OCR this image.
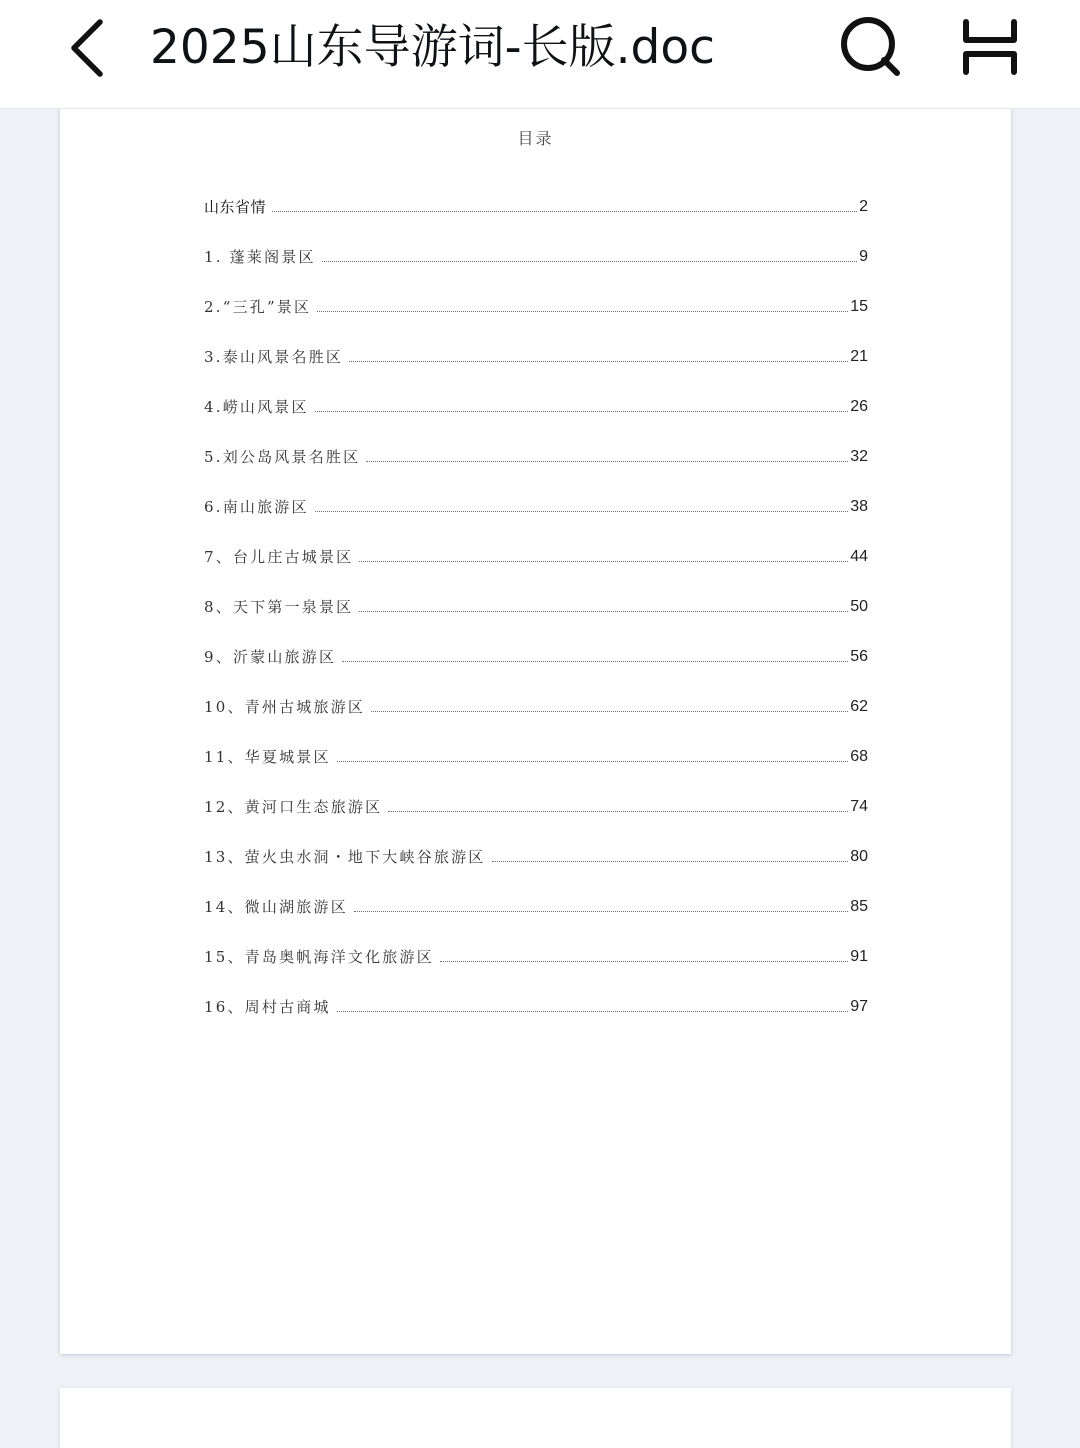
2025山东导游词-长版.doc
目录
山东省情	2
1. 蓬莱阁景区	9
2.“三孔”景区	15
3.泰山风景名胜区	21
4.崂山风景区	26
5.刘公岛风景名胜区	32
6.南山旅游区	38
7、台儿庄古城景区	44
8、天下第一泉景区	50
9、沂蒙山旅游区	56
10、青州古城旅游区	62
11、华夏城景区	68
12、黄河口生态旅游区	74
13、萤火虫水洞・地下大峡谷旅游区	80
14、微山湖旅游区	85
15、青岛奥帆海洋文化旅游区	91
16、周村古商城	97
